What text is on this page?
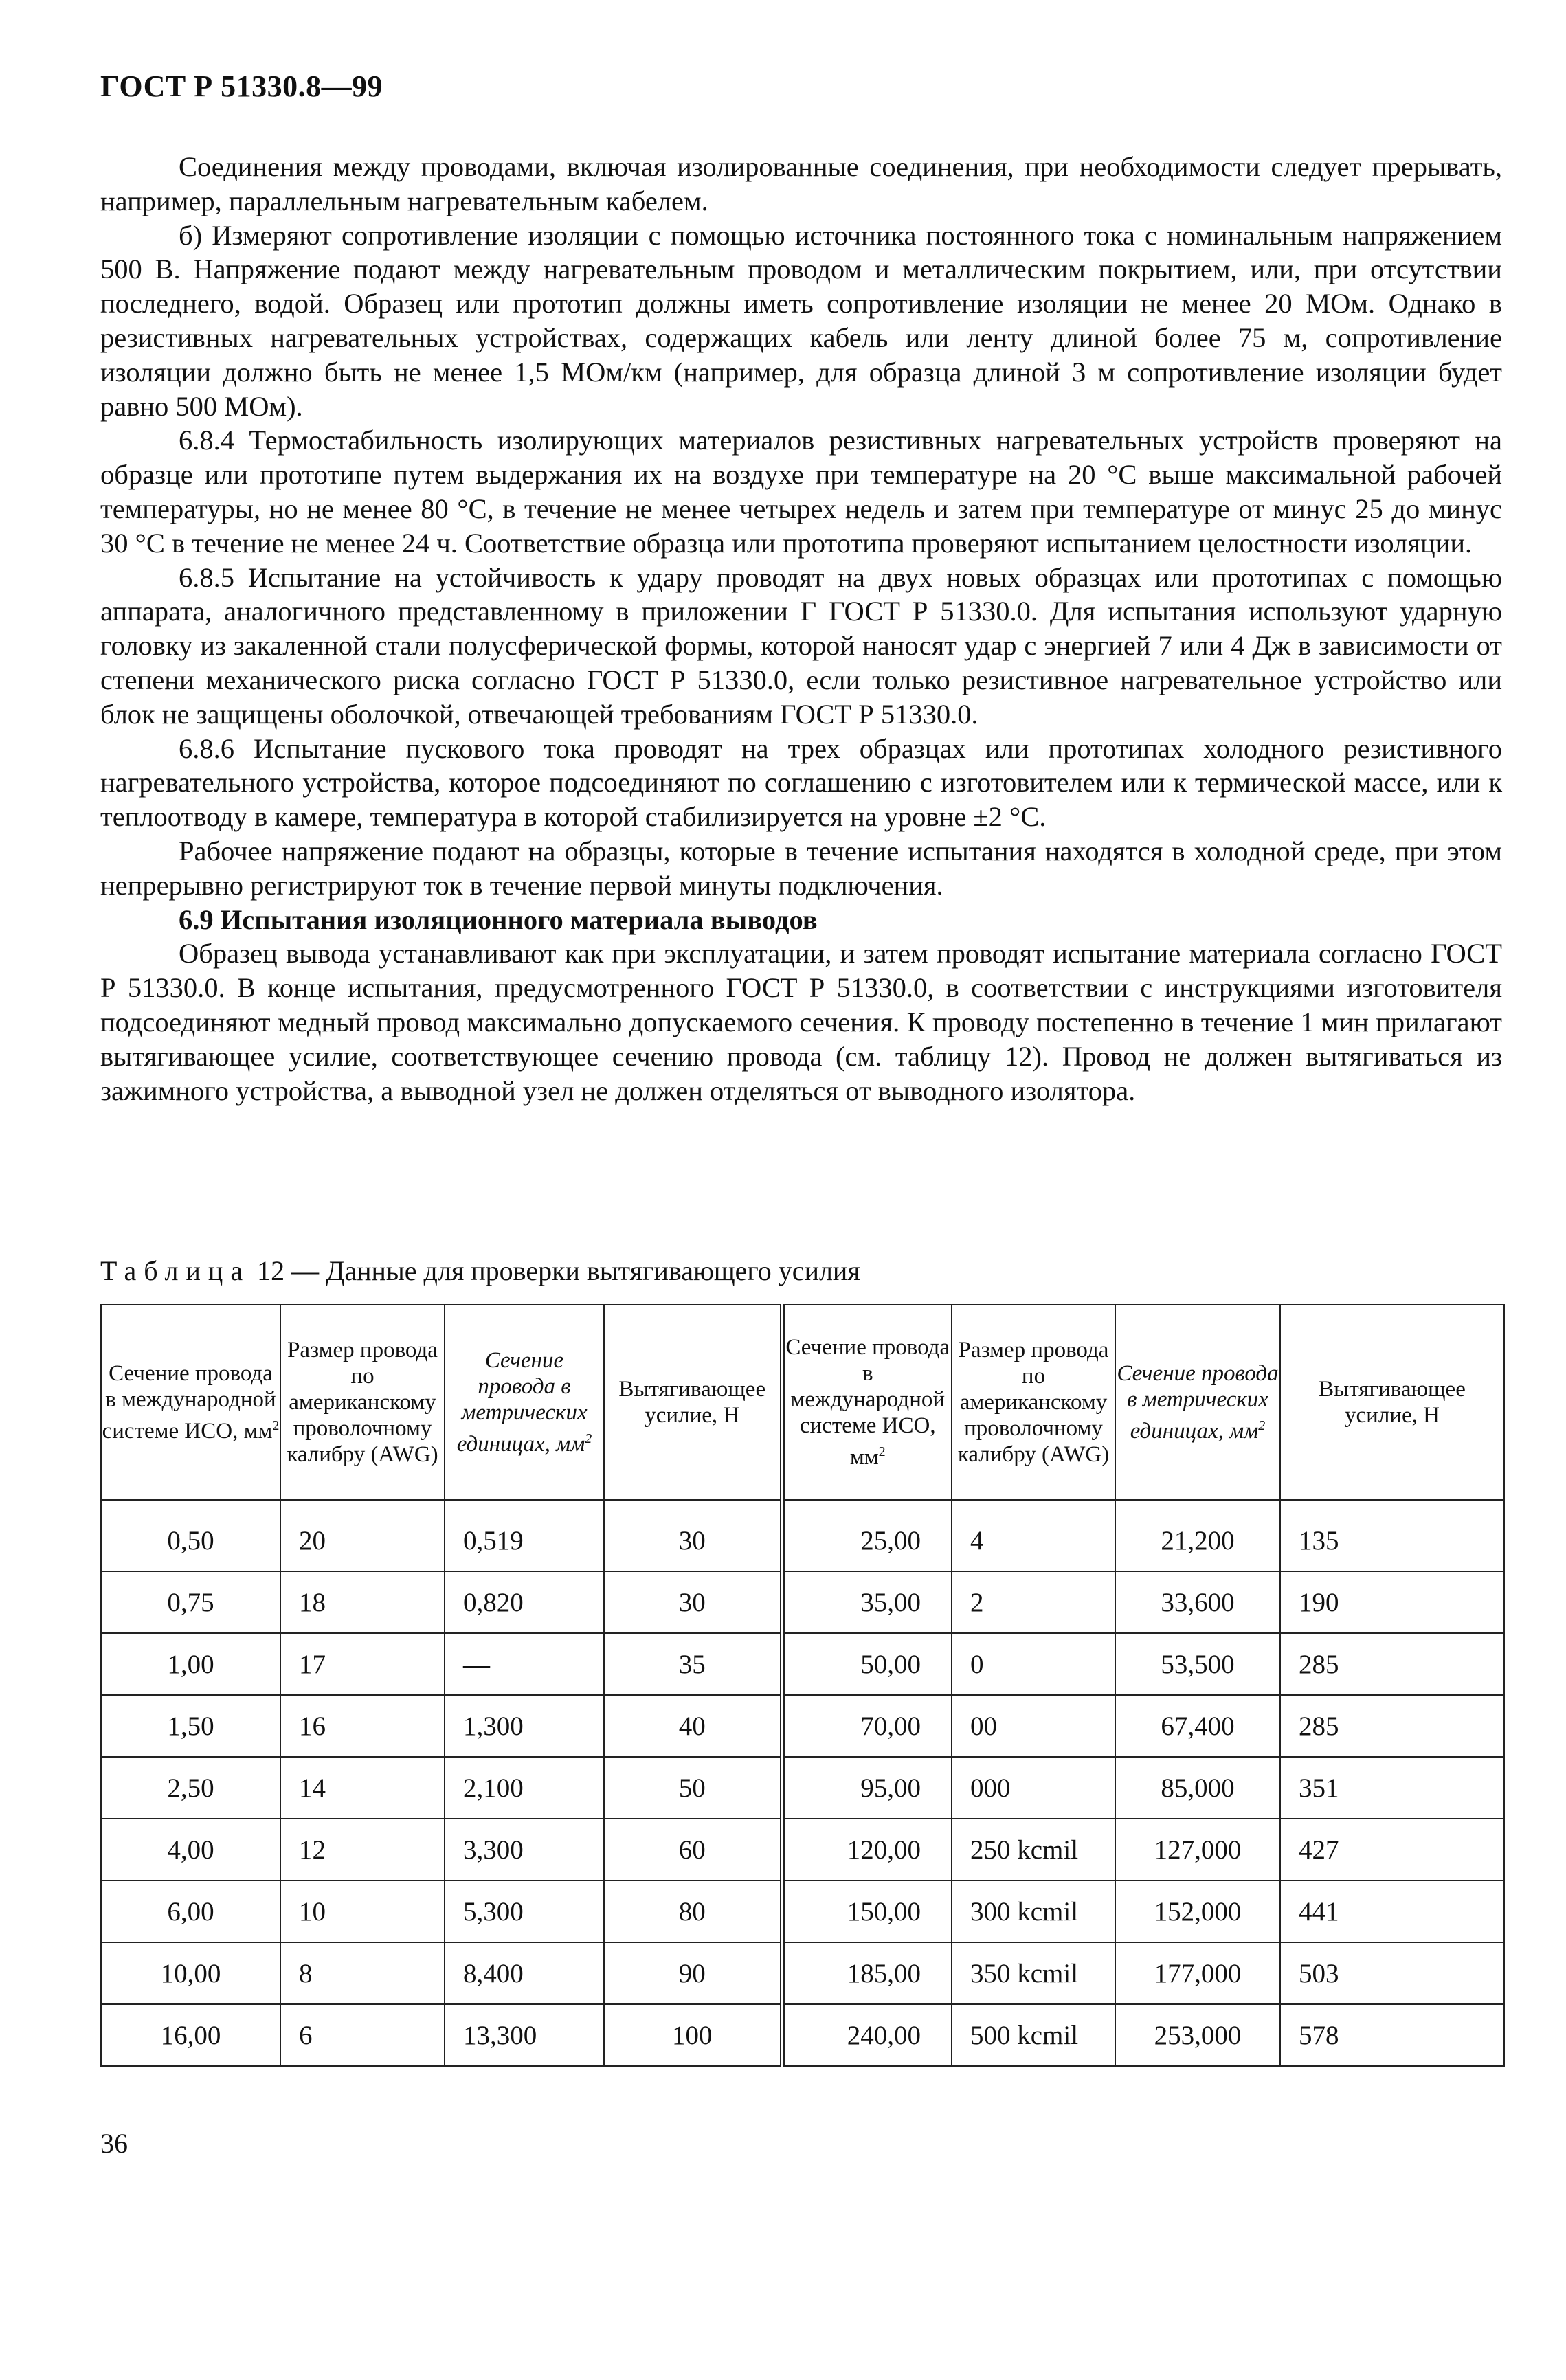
ГОСТ Р 51330.8—99

Соединения между проводами, включая изолированные соединения, при необходимости следует прерывать, например, параллельным нагревательным кабелем.

б) Измеряют сопротивление изоляции с помощью источника постоянного тока с номинальным напряжением 500 В. Напряжение подают между нагревательным проводом и металлическим покрытием, или, при отсутствии последнего, водой. Образец или прототип должны иметь сопротивление изоляции не менее 20 МОм. Однако в резистивных нагревательных устройствах, содержащих кабель или ленту длиной более 75 м, сопротивление изоляции должно быть не менее 1,5 МОм/км (например, для образца длиной 3 м сопротивление изоляции будет равно 500 МОм).

6.8.4 Термостабильность изолирующих материалов резистивных нагревательных устройств проверяют на образце или прототипе путем выдержания их на воздухе при температуре на 20 °С выше максимальной рабочей температуры, но не менее 80 °С, в течение не менее четырех недель и затем при температуре от минус 25 до минус 30 °С в течение не менее 24 ч. Соответствие образца или прототипа проверяют испытанием целостности изоляции.

6.8.5 Испытание на устойчивость к удару проводят на двух новых образцах или прототипах с помощью аппарата, аналогичного представленному в приложении Г ГОСТ Р 51330.0. Для испытания используют ударную головку из закаленной стали полусферической формы, которой наносят удар с энергией 7 или 4 Дж в зависимости от степени механического риска согласно ГОСТ Р 51330.0, если только резистивное нагревательное устройство или блок не защищены оболочкой, отвечающей требованиям ГОСТ Р 51330.0.

6.8.6 Испытание пускового тока проводят на трех образцах или прототипах холодного резистивного нагревательного устройства, которое подсоединяют по соглашению с изготовителем или к термической массе, или к теплоотводу в камере, температура в которой стабилизируется на уровне ±2 °С.

Рабочее напряжение подают на образцы, которые в течение испытания находятся в холодной среде, при этом непрерывно регистрируют ток в течение первой минуты подключения.

6.9 Испытания изоляционного материала выводов

Образец вывода устанавливают как при эксплуатации, и затем проводят испытание материала согласно ГОСТ Р 51330.0. В конце испытания, предусмотренного ГОСТ Р 51330.0, в соответствии с инструкциями изготовителя подсоединяют медный провод максимально допускаемого сечения. К проводу постепенно в течение 1 мин прилагают вытягивающее усилие, соответствующее сечению провода (см. таблицу 12). Провод не должен вытягиваться из зажимного устройства, а выводной узел не должен отделяться от выводного изолятора.

Таблица 12 — Данные для проверки вытягивающего усилия
Сечение провода в международной системе ИСО, $мм^2$	Размер провода по американскому проволочному калибру (AWG)	Сечение провода в метрических единицах, $мм^2$	Вытягивающее усилие, Н	Сечение провода в международной системе ИСО, $мм^2$	Размер провода по американскому проволочному калибру (AWG)	Сечение провода в метрических единицах, $мм^2$	Вытягивающее усилие, Н
0,50	20	0,519	30	25,00	4	21,200	135
0,75	18	0,820	30	35,00	2	33,600	190
1,00	17	—	35	50,00	0	53,500	285
1,50	16	1,300	40	70,00	00	67,400	285
2,50	14	2,100	50	95,00	000	85,000	351
4,00	12	3,300	60	120,00	250 kcmil	127,000	427
6,00	10	5,300	80	150,00	300 kcmil	152,000	441
10,00	8	8,400	90	185,00	350 kcmil	177,000	503
16,00	6	13,300	100	240,00	500 kcmil	253,000	578
36
